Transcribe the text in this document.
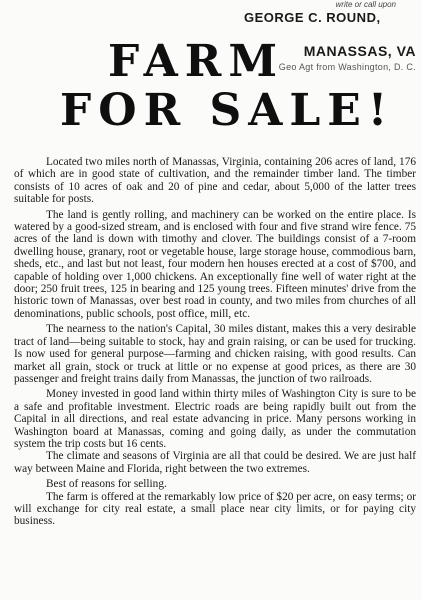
write or call upon
GEORGE C. ROUND,
MANASSAS, VA
Geo Agt from Washington, D. C.
FARM
FOR SALE!

Located two miles north of Manassas, Virginia, containing 206 acres of land, 176 of which are in good state of cultivation, and the remainder timber land. The timber consists of 10 acres of oak and 20 of pine and cedar, about 5,000 of the latter trees suitable for posts.

The land is gently rolling, and machinery can be worked on the entire place. Is watered by a good-sized stream, and is enclosed with four and five strand wire fence. 75 acres of the land is down with timothy and clover. The buildings consist of a 7-room dwelling house, granary, root or vegetable house, large storage house, commodious barn, sheds, etc., and last but not least, four modern hen houses erected at a cost of $700, and capable of holding over 1,000 chickens. An exceptionally fine well of water right at the door; 250 fruit trees, 125 in bearing and 125 young trees. Fifteen minutes' drive from the historic town of Manassas, over best road in county, and two miles from churches of all denominations, public schools, post office, mill, etc.

The nearness to the nation's Capital, 30 miles distant, makes this a very desirable tract of land—being suitable to stock, hay and grain raising, or can be used for trucking. Is now used for general purpose—farming and chicken raising, with good results. Can market all grain, stock or truck at little or no expense at good prices, as there are 30 passenger and freight trains daily from Manassas, the junction of two railroads.

Money invested in good land within thirty miles of Washington City is sure to be a safe and profitable investment. Electric roads are being rapidly built out from the Capital in all directions, and real estate advancing in price. Many persons working in Washington board at Manassas, coming and going daily, as under the commutation system the trip costs but 16 cents.

The climate and seasons of Virginia are all that could be desired. We are just half way between Maine and Florida, right between the two extremes.

Best of reasons for selling.

The farm is offered at the remarkably low price of $20 per acre, on easy terms; or will exchange for city real estate, a small place near city limits, or for paying city business.
